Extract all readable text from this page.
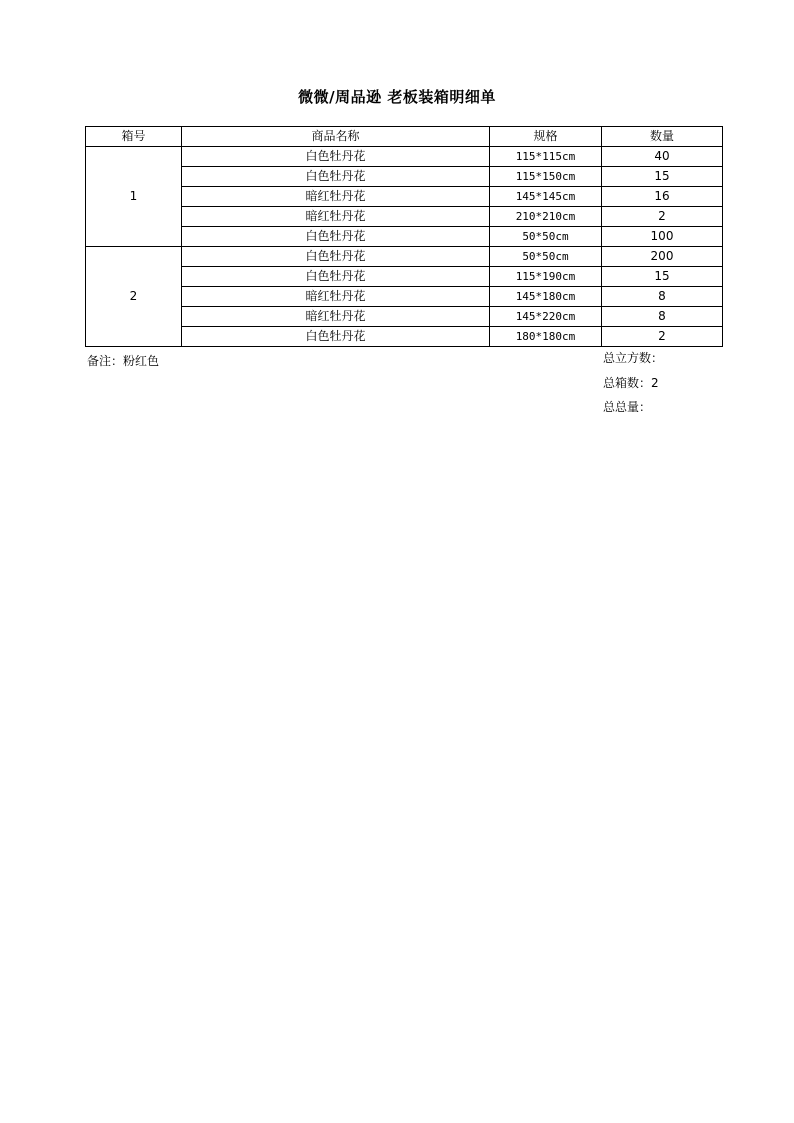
微微/周品逊 老板装箱明细单
箱号	商品名称	规格	数量
1	白色牡丹花	115*115cm	40
	白色牡丹花	115*150cm	15
	暗红牡丹花	145*145cm	16
	暗红牡丹花	210*210cm	2
	白色牡丹花	50*50cm	100
2	白色牡丹花	50*50cm	200
	白色牡丹花	115*190cm	15
	暗红牡丹花	145*180cm	8
	暗红牡丹花	145*220cm	8
	白色牡丹花	180*180cm	2
备注：粉红色	总立方数：
总箱数：2
总总量：
